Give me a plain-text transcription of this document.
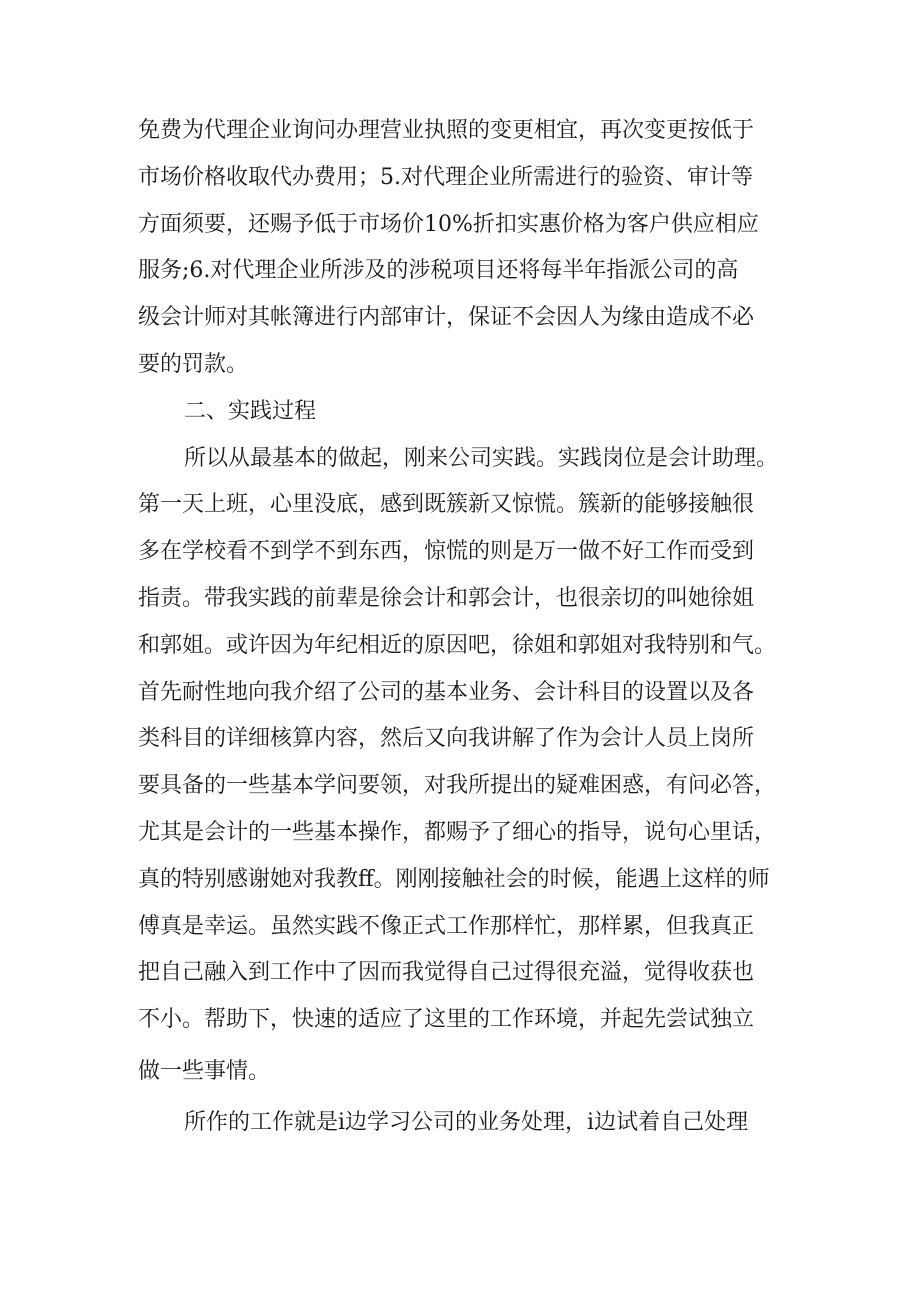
免费为代理企业询问办理营业执照的变更相宜，再次变更按低于
市场价格收取代办费用；5.对代理企业所需进行的验资、审计等
方面须要，还赐予低于市场价10%折扣实惠价格为客户供应相应
服务;6.对代理企业所涉及的涉税项目还将每半年指派公司的高
级会计师对其帐簿进行内部审计，保证不会因人为缘由造成不必
要的罚款。
二、实践过程
所以从最基本的做起，刚来公司实践。实践岗位是会计助理。
第一天上班，心里没底，感到既簇新又惊慌。簇新的能够接触很
多在学校看不到学不到东西，惊慌的则是万一做不好工作而受到
指责。带我实践的前辈是徐会计和郭会计，也很亲切的叫她徐姐
和郭姐。或许因为年纪相近的原因吧，徐姐和郭姐对我特别和气。
首先耐性地向我介绍了公司的基本业务、会计科目的设置以及各
类科目的详细核算内容，然后又向我讲解了作为会计人员上岗所
要具备的一些基本学问要领，对我所提出的疑难困惑，有问必答，
尤其是会计的一些基本操作，都赐予了细心的指导，说句心里话，
真的特别感谢她对我教ff。刚刚接触社会的时候，能遇上这样的师
傅真是幸运。虽然实践不像正式工作那样忙，那样累，但我真正
把自己融入到工作中了因而我觉得自己过得很充溢，觉得收获也
不小。帮助下，快速的适应了这里的工作环境，并起先尝试独立
做一些事情。
所作的工作就是i边学习公司的业务处理，i边试着自己处理
